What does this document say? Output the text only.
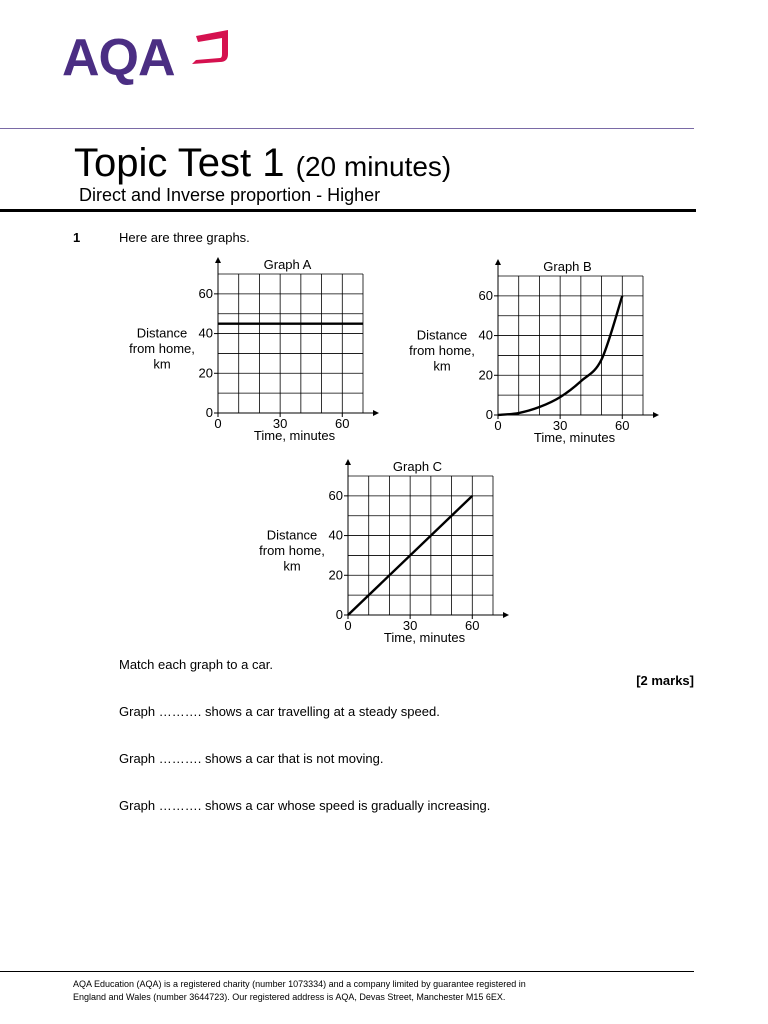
AQA
Topic Test 1 (20 minutes)
Direct and Inverse proportion - Higher
1	Here are three graphs.
0	30	60
0
20
40
60
Graph A
Time, minutes
Distance
from home,
km
0	30	60
0
20
40
60
Graph B
Time, minutes
Distance
from home,
km
0	30	60
0
20
40
60
Graph C
Time, minutes
Distance
from home,
km
Match each graph to a car.
[2 marks]
Graph ………. shows a car travelling at a steady speed.
Graph ………. shows a car that is not moving.
Graph ………. shows a car whose speed is gradually increasing.
AQA Education (AQA) is a registered charity (number 1073334) and a company limited by guarantee registered in
England and Wales (number 3644723). Our registered address is AQA, Devas Street, Manchester M15 6EX.
